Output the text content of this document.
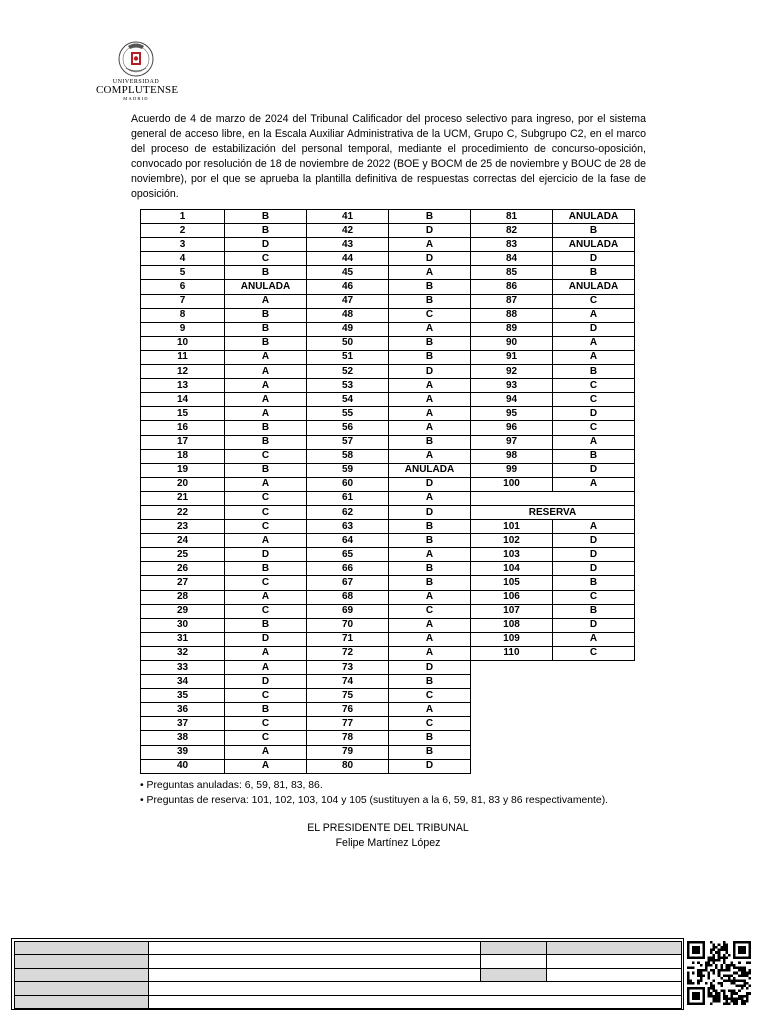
UNIVERSIDAD
COMPLUTENSE
MADRID

Acuerdo de 4 de marzo de 2024 del Tribunal Calificador del proceso selectivo para ingreso, por el sistema general de acceso libre, en la Escala Auxiliar Administrativa de la UCM, Grupo C, Subgrupo C2, en el marco del proceso de estabilización del personal temporal, mediante el procedimiento de concurso-oposición, convocado por resolución de 18 de noviembre de 2022 (BOE y BOCM de 25 de noviembre y BOUC de 28 de noviembre), por el que se aprueba la plantilla definitiva de respuestas correctas del ejercicio de la fase de oposición.

1	B	41	B	81	ANULADA
2	B	42	D	82	B
3	D	43	A	83	ANULADA
4	C	44	D	84	D
5	B	45	A	85	B
6	ANULADA	46	B	86	ANULADA
7	A	47	B	87	C
8	B	48	C	88	A
9	B	49	A	89	D
10	B	50	B	90	A
11	A	51	B	91	A
12	A	52	D	92	B
13	A	53	A	93	C
14	A	54	A	94	C
15	A	55	A	95	D
16	B	56	A	96	C
17	B	57	B	97	A
18	C	58	A	98	B
19	B	59	ANULADA	99	D
20	A	60	D	100	A
21	C	61	A		
22	C	62	D	RESERVA	
23	C	63	B	101	A
24	A	64	B	102	D
25	D	65	A	103	D
26	B	66	B	104	D
27	C	67	B	105	B
28	A	68	A	106	C
29	C	69	C	107	B
30	B	70	A	108	D
31	D	71	A	109	A
32	A	72	A	110	C
33	A	73	D		
34	D	74	B		
35	C	75	C		
36	B	76	A		
37	C	77	C		
38	C	78	B		
39	A	79	B		
40	A	80	D		
• Preguntas anuladas: 6, 59, 81, 83, 86.
• Preguntas de reserva: 101, 102, 103, 104 y 105 (sustituyen a la 6, 59, 81, 83 y 86 respectivamente).
EL PRESIDENTE DEL TRIBUNAL
Felipe Martínez López
